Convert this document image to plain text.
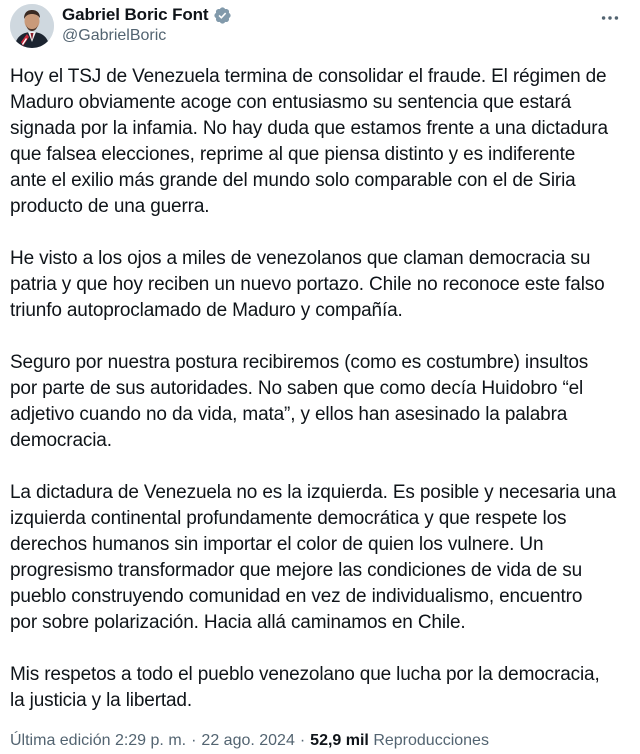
Gabriel Boric Font
@GabrielBoric

Hoy el TSJ de Venezuela termina de consolidar el fraude. El régimen de
Maduro obviamente acoge con entusiasmo su sentencia que estará
signada por la infamia. No hay duda que estamos frente a una dictadura
que falsea elecciones, reprime al que piensa distinto y es indiferente
ante el exilio más grande del mundo solo comparable con el de Siria
producto de una guerra.

He visto a los ojos a miles de venezolanos que claman democracia su
patria y que hoy reciben un nuevo portazo. Chile no reconoce este falso
triunfo autoproclamado de Maduro y compañía.

Seguro por nuestra postura recibiremos (como es costumbre) insultos
por parte de sus autoridades. No saben que como decía Huidobro “el
adjetivo cuando no da vida, mata”, y ellos han asesinado la palabra
democracia.

La dictadura de Venezuela no es la izquierda. Es posible y necesaria una
izquierda continental profundamente democrática y que respete los
derechos humanos sin importar el color de quien los vulnere. Un
progresismo transformador que mejore las condiciones de vida de su
pueblo construyendo comunidad en vez de individualismo, encuentro
por sobre polarización. Hacia allá caminamos en Chile.

Mis respetos a todo el pueblo venezolano que lucha por la democracia,
la justicia y la libertad.

Última edición 2:29 p. m. · 22 ago. 2024 · 52,9 mil Reproducciones
